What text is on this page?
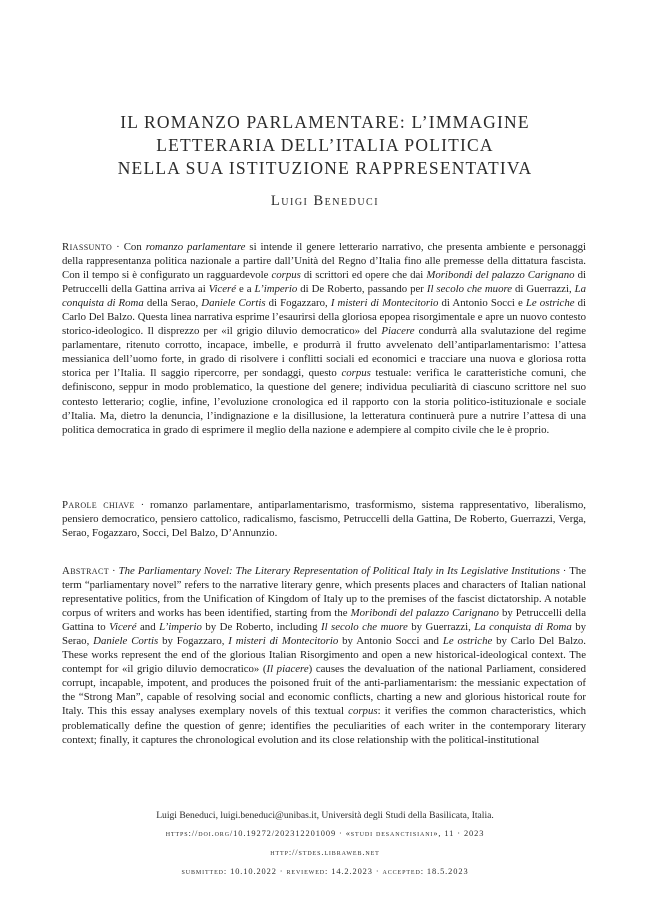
IL ROMANZO PARLAMENTARE: L’IMMAGINE
LETTERARIA DELL’ITALIA POLITICA
NELLA SUA ISTITUZIONE RAPPRESENTATIVA
Luigi Beneduci

Riassunto · Con romanzo parlamentare si intende il genere letterario narrativo, che presenta ambiente e personaggi della rappresentanza politica nazionale a partire dall’Unità del Regno d’Italia fino alle premesse della dittatura fascista. Con il tempo si è configurato un ragguardevole corpus di scrittori ed opere che dai Moribondi del palazzo Carignano di Petruccelli della Gattina arriva ai Viceré e a L’imperio di De Roberto, passando per Il secolo che muore di Guerrazzi, La conquista di Roma della Serao, Daniele Cortis di Fogazzaro, I misteri di Montecitorio di Antonio Socci e Le ostriche di Carlo Del Balzo. Questa linea narrativa esprime l’esaurirsi della gloriosa epopea risorgimentale e apre un nuovo contesto storico-ideologico. Il disprezzo per «il grigio diluvio democratico» del Piacere condurrà alla svalutazione del regime parlamentare, ritenuto corrotto, incapace, imbelle, e produrrà il frutto avvelenato dell’antiparlamentarismo: l’attesa messianica dell’uomo forte, in grado di risolvere i conflitti sociali ed economici e tracciare una nuova e gloriosa rotta storica per l’Italia. Il saggio ripercorre, per sondaggi, questo corpus testuale: verifica le caratteristiche comuni, che definiscono, seppur in modo problematico, la questione del genere; individua peculiarità di ciascuno scrittore nel suo contesto letterario; coglie, infine, l’evoluzione cronologica ed il rapporto con la storia politico-istituzionale e sociale d’Italia. Ma, dietro la denuncia, l’indignazione e la disillusione, la letteratura continuerà pure a nutrire l’attesa di una politica democratica in grado di esprimere il meglio della nazione e adempiere al compito civile che le è proprio.

Parole chiave · romanzo parlamentare, antiparlamentarismo, trasformismo, sistema rappresentativo, liberalismo, pensiero democratico, pensiero cattolico, radicalismo, fascismo, Petruccelli della Gattina, De Roberto, Guerrazzi, Verga, Serao, Fogazzaro, Socci, Del Balzo, D’Annunzio.

Abstract · The Parliamentary Novel: The Literary Representation of Political Italy in Its Legislative Institutions · The term “parliamentary novel” refers to the narrative literary genre, which presents places and characters of Italian national representative politics, from the Unification of Kingdom of Italy up to the premises of the fascist dictatorship. A notable corpus of writers and works has been identified, starting from the Moribondi del palazzo Carignano by Petruccelli della Gattina to Viceré and L’imperio by De Roberto, including Il secolo che muore by Guerrazzi, La conquista di Roma by Serao, Daniele Cortis by Fogazzaro, I misteri di Montecitorio by Antonio Socci and Le ostriche by Carlo Del Balzo. These works represent the end of the glorious Italian Risorgimento and open a new historical-ideological context. The contempt for «il grigio diluvio democratico» (Il piacere) causes the devaluation of the national Parliament, considered corrupt, incapable, impotent, and produces the poisoned fruit of the anti-parliamentarism: the messianic expectation of the “Strong Man”, capable of resolving social and economic conflicts, charting a new and glorious historical route for Italy. This this essay analyses exemplary novels of this textual corpus: it verifies the common characteristics, which problematically define the question of genre; identifies the peculiarities of each writer in the contemporary literary context; finally, it captures the chronological evolution and its close relationship with the political-institutional

Luigi Beneduci, luigi.beneduci@unibas.it, Università degli Studi della Basilicata, Italia.
https://doi.org/10.19272/202312201009 · «studi desanctisiani», 11 · 2023
http://stdes.libraweb.net
submitted: 10.10.2022 · reviewed: 14.2.2023 · accepted: 18.5.2023
